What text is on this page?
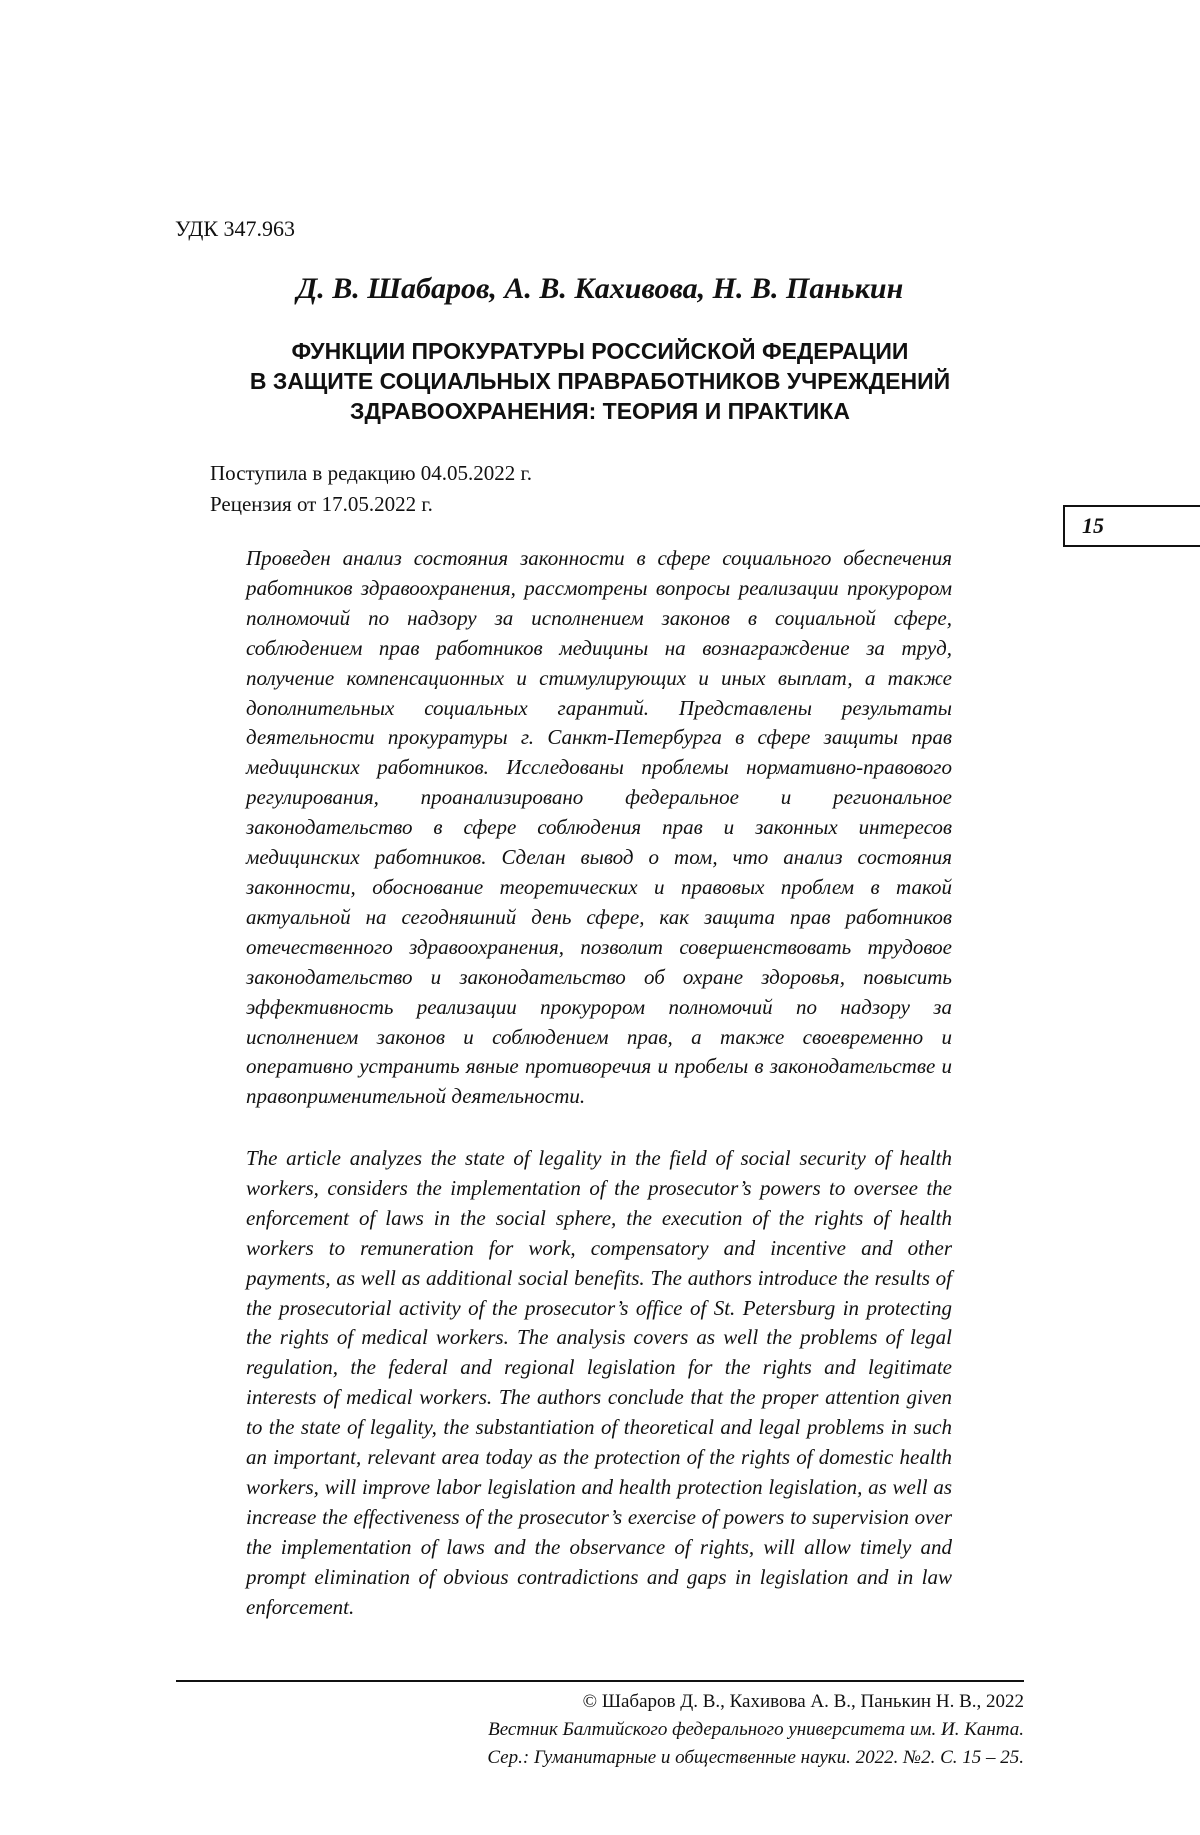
УДК 347.963
Д. В. Шабаров, А. В. Кахивова, Н. В. Панькин
ФУНКЦИИ ПРОКУРАТУРЫ РОССИЙСКОЙ ФЕДЕРАЦИИ
В ЗАЩИТЕ СОЦИАЛЬНЫХ ПРАВРАБОТНИКОВ УЧРЕЖДЕНИЙ
ЗДРАВООХРАНЕНИЯ: ТЕОРИЯ И ПРАКТИКА
Поступила в редакцию 04.05.2022 г.
Рецензия от 17.05.2022 г.
15

Проведен анализ состояния законности в сфере социального обеспечения работников здравоохранения, рассмотрены вопросы реализации прокурором полномочий по надзору за исполнением законов в социальной сфере, соблюдением прав работников медицины на вознаграждение за труд, получение компенсационных и стимулирующих и иных выплат, а также дополнительных социальных гарантий. Представлены результаты деятельности прокуратуры г. Санкт-Петербурга в сфере защиты прав медицинских работников. Исследованы проблемы нормативно-правового регулирования, проанализировано федеральное и региональное законодательство в сфере соблюдения прав и законных интересов медицинских работников. Сделан вывод о том, что анализ состояния законности, обоснование теоретических и правовых проблем в такой актуальной на сегодняшний день сфере, как защита прав работников отечественного здравоохранения, позволит совершенствовать трудовое законодательство и законодательство об охране здоровья, повысить эффективность реализации прокурором полномочий по надзору за исполнением законов и соблюдением прав, а также своевременно и оперативно устранить явные противоречия и пробелы в законодательстве и правоприменительной деятельности.

The article analyzes the state of legality in the field of social security of health workers, considers the implementation of the prosecutor’s powers to oversee the enforcement of laws in the social sphere, the execution of the rights of health workers to remuneration for work, compensatory and incentive and other payments, as well as additional social benefits. The authors introduce the results of the prosecutorial activity of the prosecutor’s office of St. Petersburg in protecting the rights of medical workers. The analysis covers as well the problems of legal regulation, the federal and regional legislation for the rights and legitimate interests of medical workers. The authors conclude that the proper attention given to the state of legality, the substantiation of theoretical and legal problems in such an important, relevant area today as the protection of the rights of domestic health workers, will improve labor legislation and health protection legislation, as well as increase the effectiveness of the prosecutor’s exercise of powers to supervision over the implementation of laws and the observance of rights, will allow timely and prompt elimination of obvious contradictions and gaps in legislation and in law enforcement.

© Шабаров Д. В., Кахивова А. В., Панькин Н. В., 2022
Вестник Балтийского федерального университета им. И. Канта.
Сер.: Гуманитарные и общественные науки. 2022. №2. С. 15 – 25.
